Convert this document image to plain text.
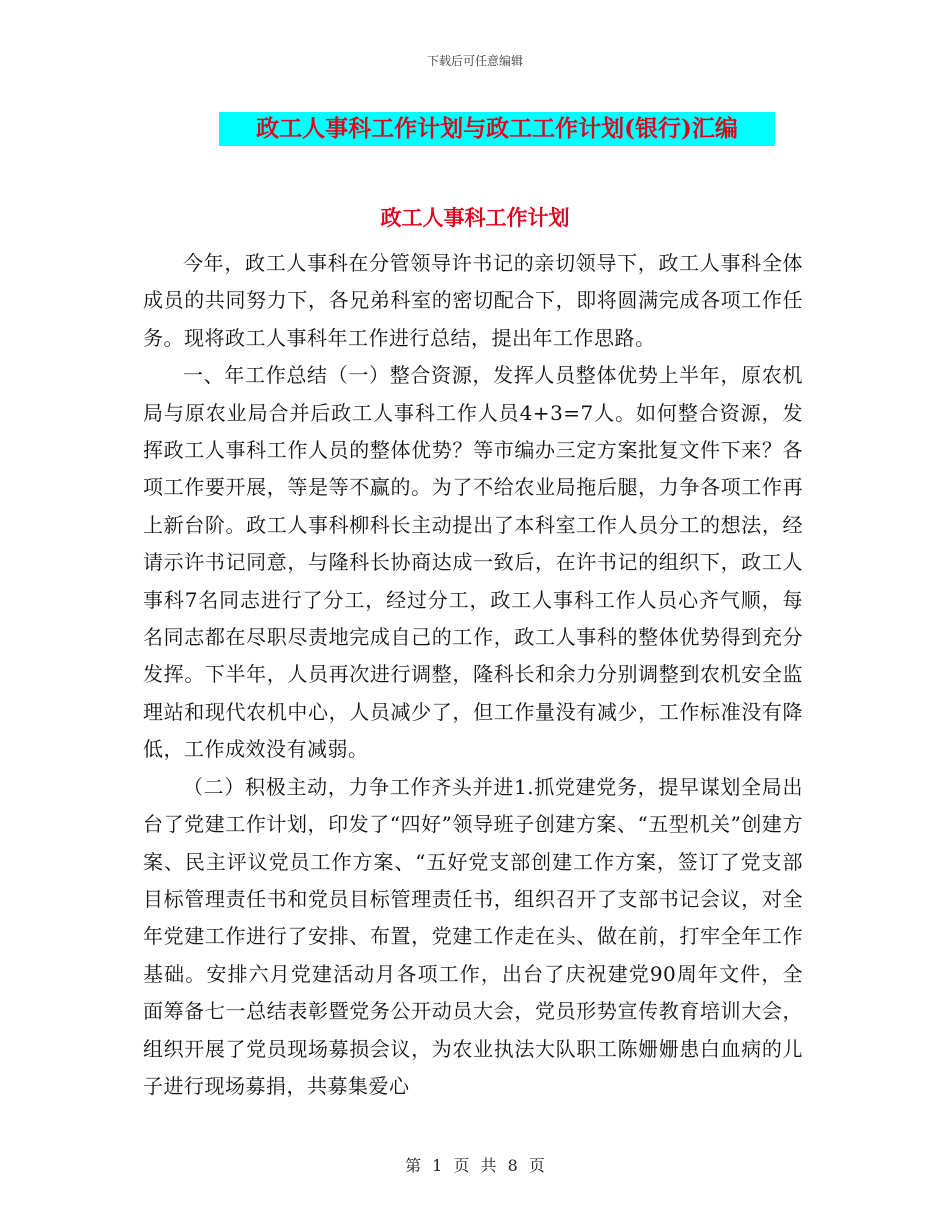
下载后可任意编辑
政工人事科工作计划与政工工作计划(银行)汇编
政工人事科工作计划

今年，政工人事科在分管领导许书记的亲切领导下，政工人事科全体成员的共同努力下，各兄弟科室的密切配合下，即将圆满完成各项工作任务。现将政工人事科年工作进行总结，提出年工作思路。

一、年工作总结（一）整合资源，发挥人员整体优势上半年，原农机局与原农业局合并后政工人事科工作人员4+3=7人。如何整合资源，发挥政工人事科工作人员的整体优势？等市编办三定方案批复文件下来？各项工作要开展，等是等不赢的。为了不给农业局拖后腿，力争各项工作再上新台阶。政工人事科柳科长主动提出了本科室工作人员分工的想法，经请示许书记同意，与隆科长协商达成一致后，在许书记的组织下，政工人事科7名同志进行了分工，经过分工，政工人事科工作人员心齐气顺，每名同志都在尽职尽责地完成自己的工作，政工人事科的整体优势得到充分发挥。下半年，人员再次进行调整，隆科长和余力分别调整到农机安全监理站和现代农机中心，人员减少了，但工作量没有减少，工作标准没有降低，工作成效没有减弱。

（二）积极主动，力争工作齐头并进1.抓党建党务，提早谋划全局出台了党建工作计划，印发了“四好”领导班子创建方案、“五型机关”创建方案、民主评议党员工作方案、“五好党支部创建工作方案，签订了党支部目标管理责任书和党员目标管理责任书，组织召开了支部书记会议，对全年党建工作进行了安排、布置，党建工作走在头、做在前，打牢全年工作基础。安排六月党建活动月各项工作，出台了庆祝建党90周年文件，全面筹备七一总结表彰暨党务公开动员大会，党员形势宣传教育培训大会，组织开展了党员现场募损会议，为农业执法大队职工陈姗姗患白血病的儿子进行现场募捐，共募集爱心

第 1 页 共 8 页
